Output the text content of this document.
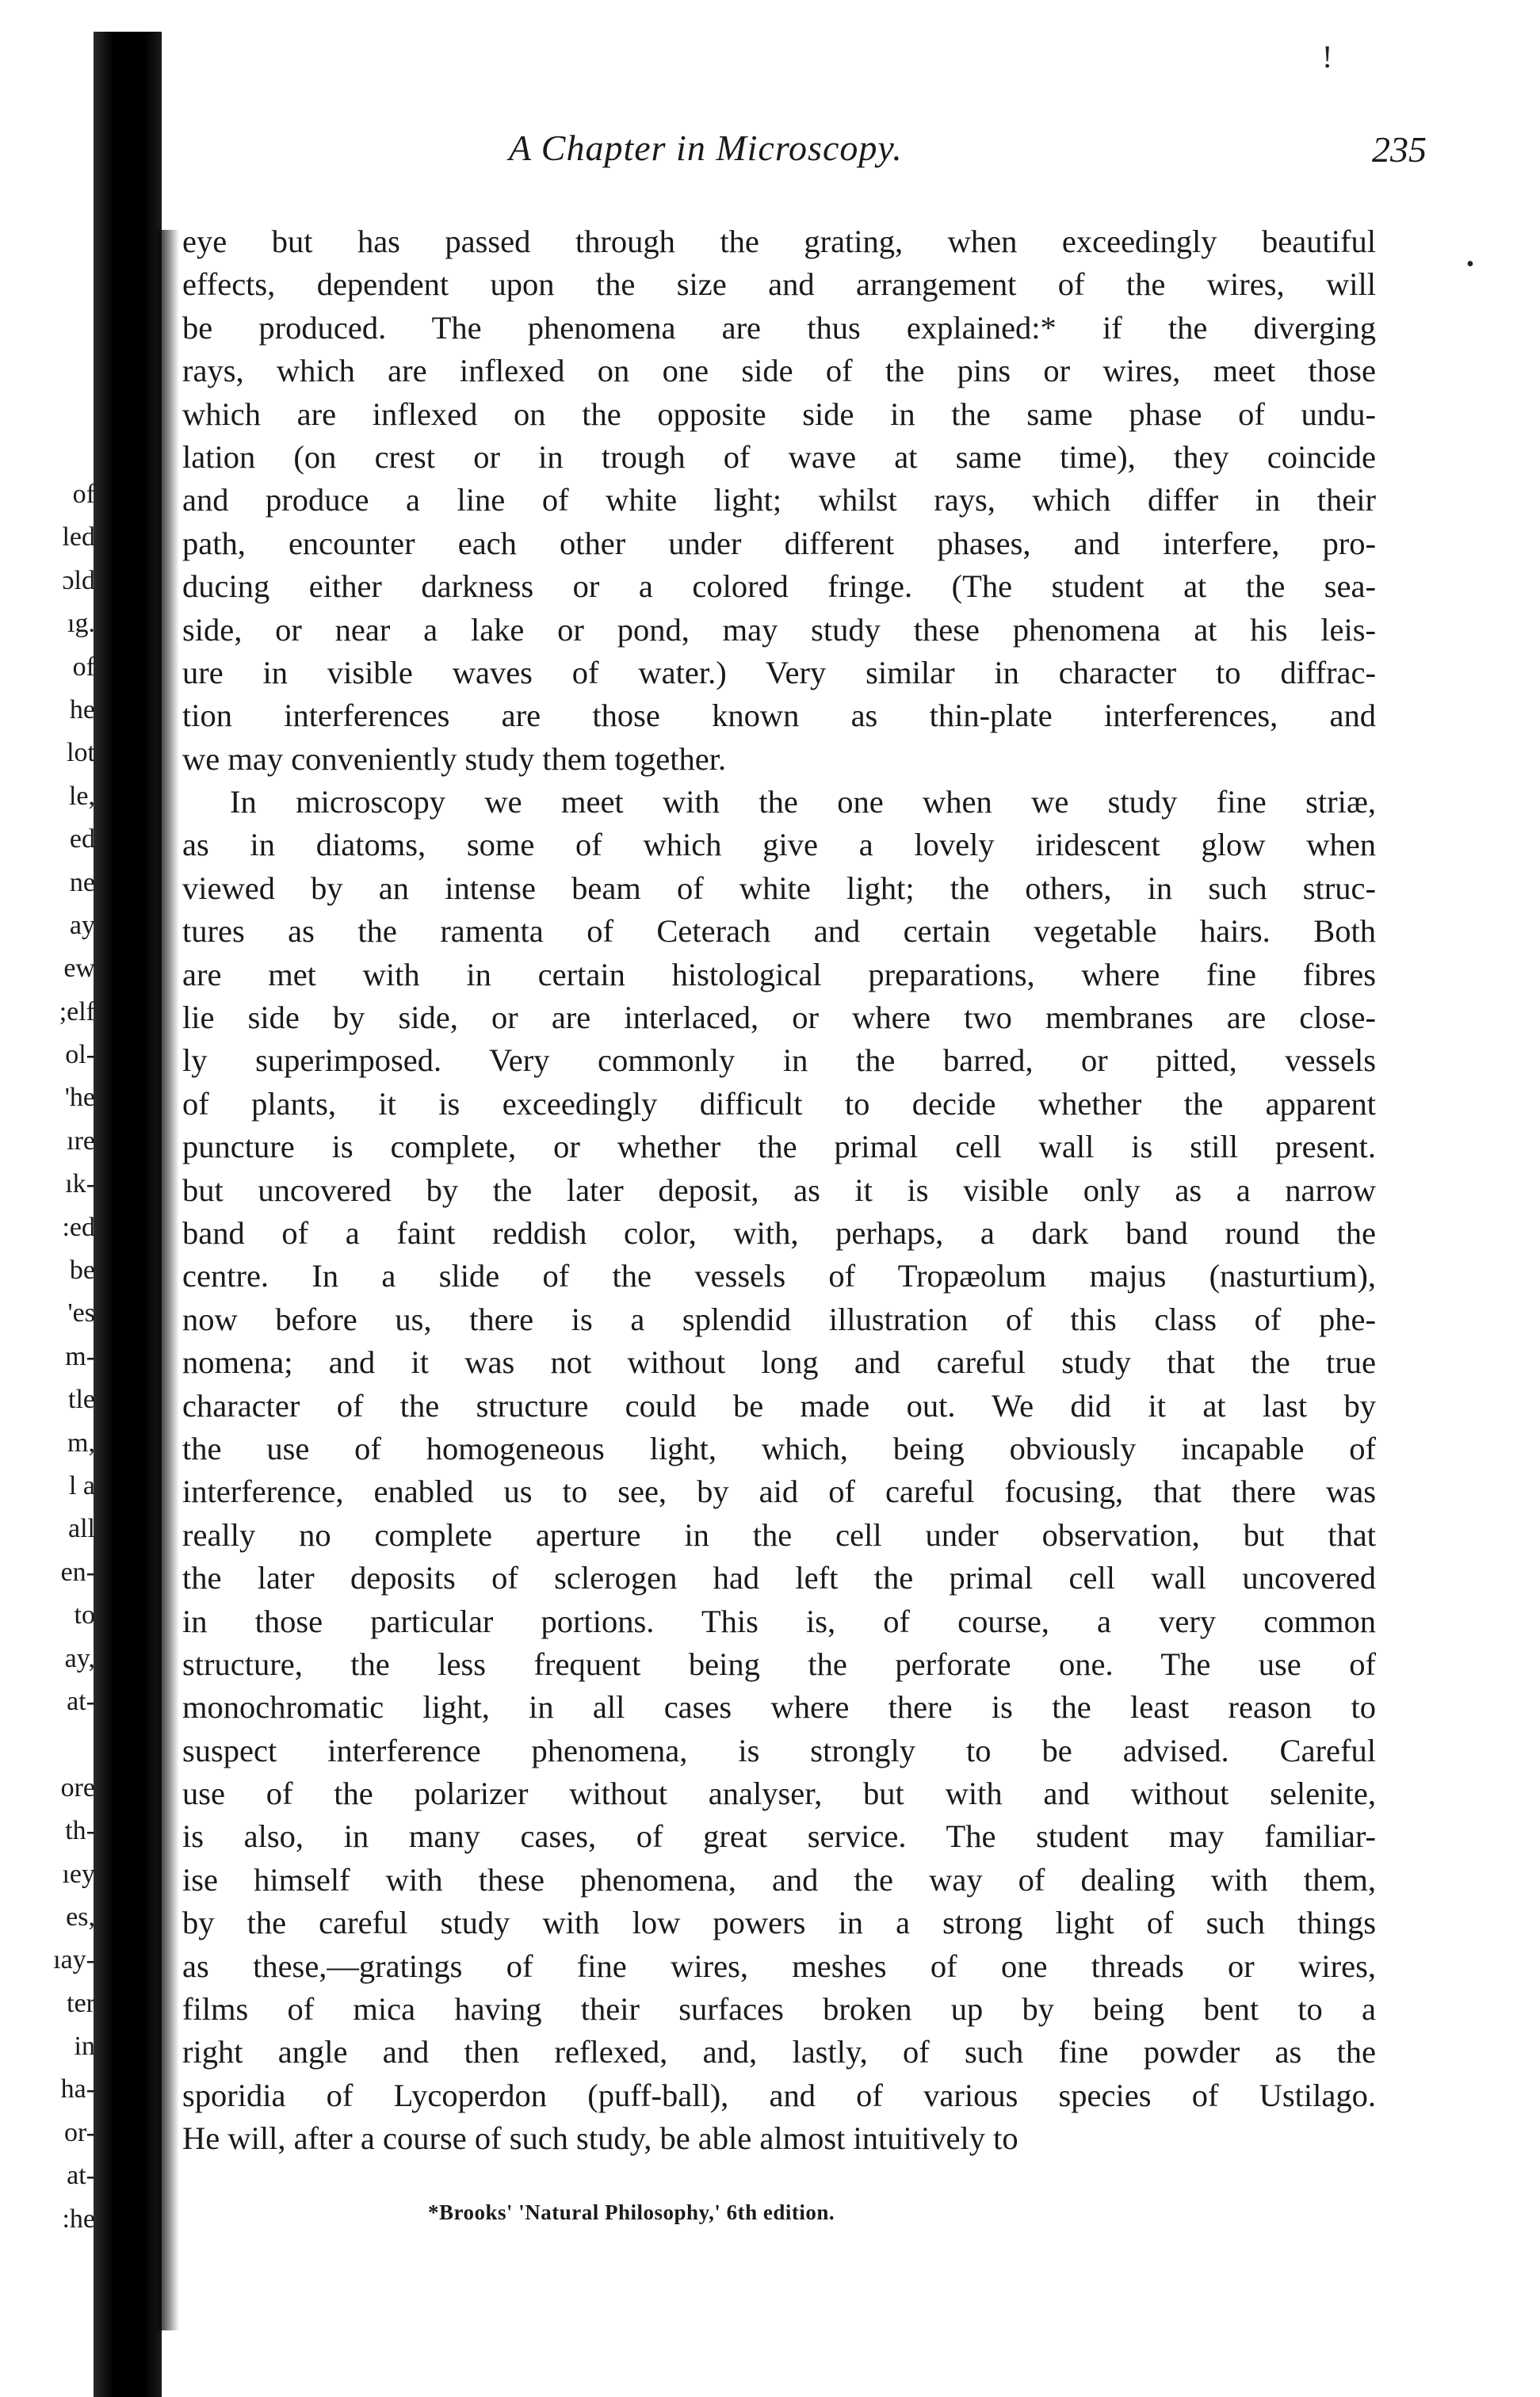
!
•
of
led
ɔld
ıg.
of
he
lot
le,
ed
ne
ay
ew
;elf
ol-
'he
ıre
ık-
:ed
be
'es
m-
tle
m,
l a
all
en-
to
ay,
at-
ore
th-
ıey
es,
ıay-
ter
in
ha-
or-
at-
:he
A Chapter in Microscopy.	235
eye but has passed through the grating, when exceedingly beautiful
effects, dependent upon the size and arrangement of the wires, will
be produced. The phenomena are thus explained:* if the diverging
rays, which are inflexed on one side of the pins or wires, meet those
which are inflexed on the opposite side in the same phase of undu-
lation (on crest or in trough of wave at same time), they coincide
and produce a line of white light; whilst rays, which differ in their
path, encounter each other under different phases, and interfere, pro-
ducing either darkness or a colored fringe. (The student at the sea-
side, or near a lake or pond, may study these phenomena at his leis-
ure in visible waves of water.) Very similar in character to diffrac-
tion interferences are those known as thin-plate interferences, and
we may conveniently study them together.
In microscopy we meet with the one when we study fine striæ,
as in diatoms, some of which give a lovely iridescent glow when
viewed by an intense beam of white light; the others, in such struc-
tures as the ramenta of Ceterach and certain vegetable hairs. Both
are met with in certain histological preparations, where fine fibres
lie side by side, or are interlaced, or where two membranes are close-
ly superimposed. Very commonly in the barred, or pitted, vessels
of plants, it is exceedingly difficult to decide whether the apparent
puncture is complete, or whether the primal cell wall is still present.
but uncovered by the later deposit, as it is visible only as a narrow
band of a faint reddish color, with, perhaps, a dark band round the
centre. In a slide of the vessels of Tropæolum majus (nasturtium),
now before us, there is a splendid illustration of this class of phe-
nomena; and it was not without long and careful study that the true
character of the structure could be made out. We did it at last by
the use of homogeneous light, which, being obviously incapable of
interference, enabled us to see, by aid of careful focusing, that there was
really no complete aperture in the cell under observation, but that
the later deposits of sclerogen had left the primal cell wall uncovered
in those particular portions. This is, of course, a very common
structure, the less frequent being the perforate one. The use of
monochromatic light, in all cases where there is the least reason to
suspect interference phenomena, is strongly to be advised. Careful
use of the polarizer without analyser, but with and without selenite,
is also, in many cases, of great service. The student may familiar-
ise himself with these phenomena, and the way of dealing with them,
by the careful study with low powers in a strong light of such things
as these,—gratings of fine wires, meshes of one threads or wires,
films of mica having their surfaces broken up by being bent to a
right angle and then reflexed, and, lastly, of such fine powder as the
sporidia of Lycoperdon (puff-ball), and of various species of Ustilago.
He will, after a course of such study, be able almost intuitively to
*Brooks' 'Natural Philosophy,' 6th edition.
